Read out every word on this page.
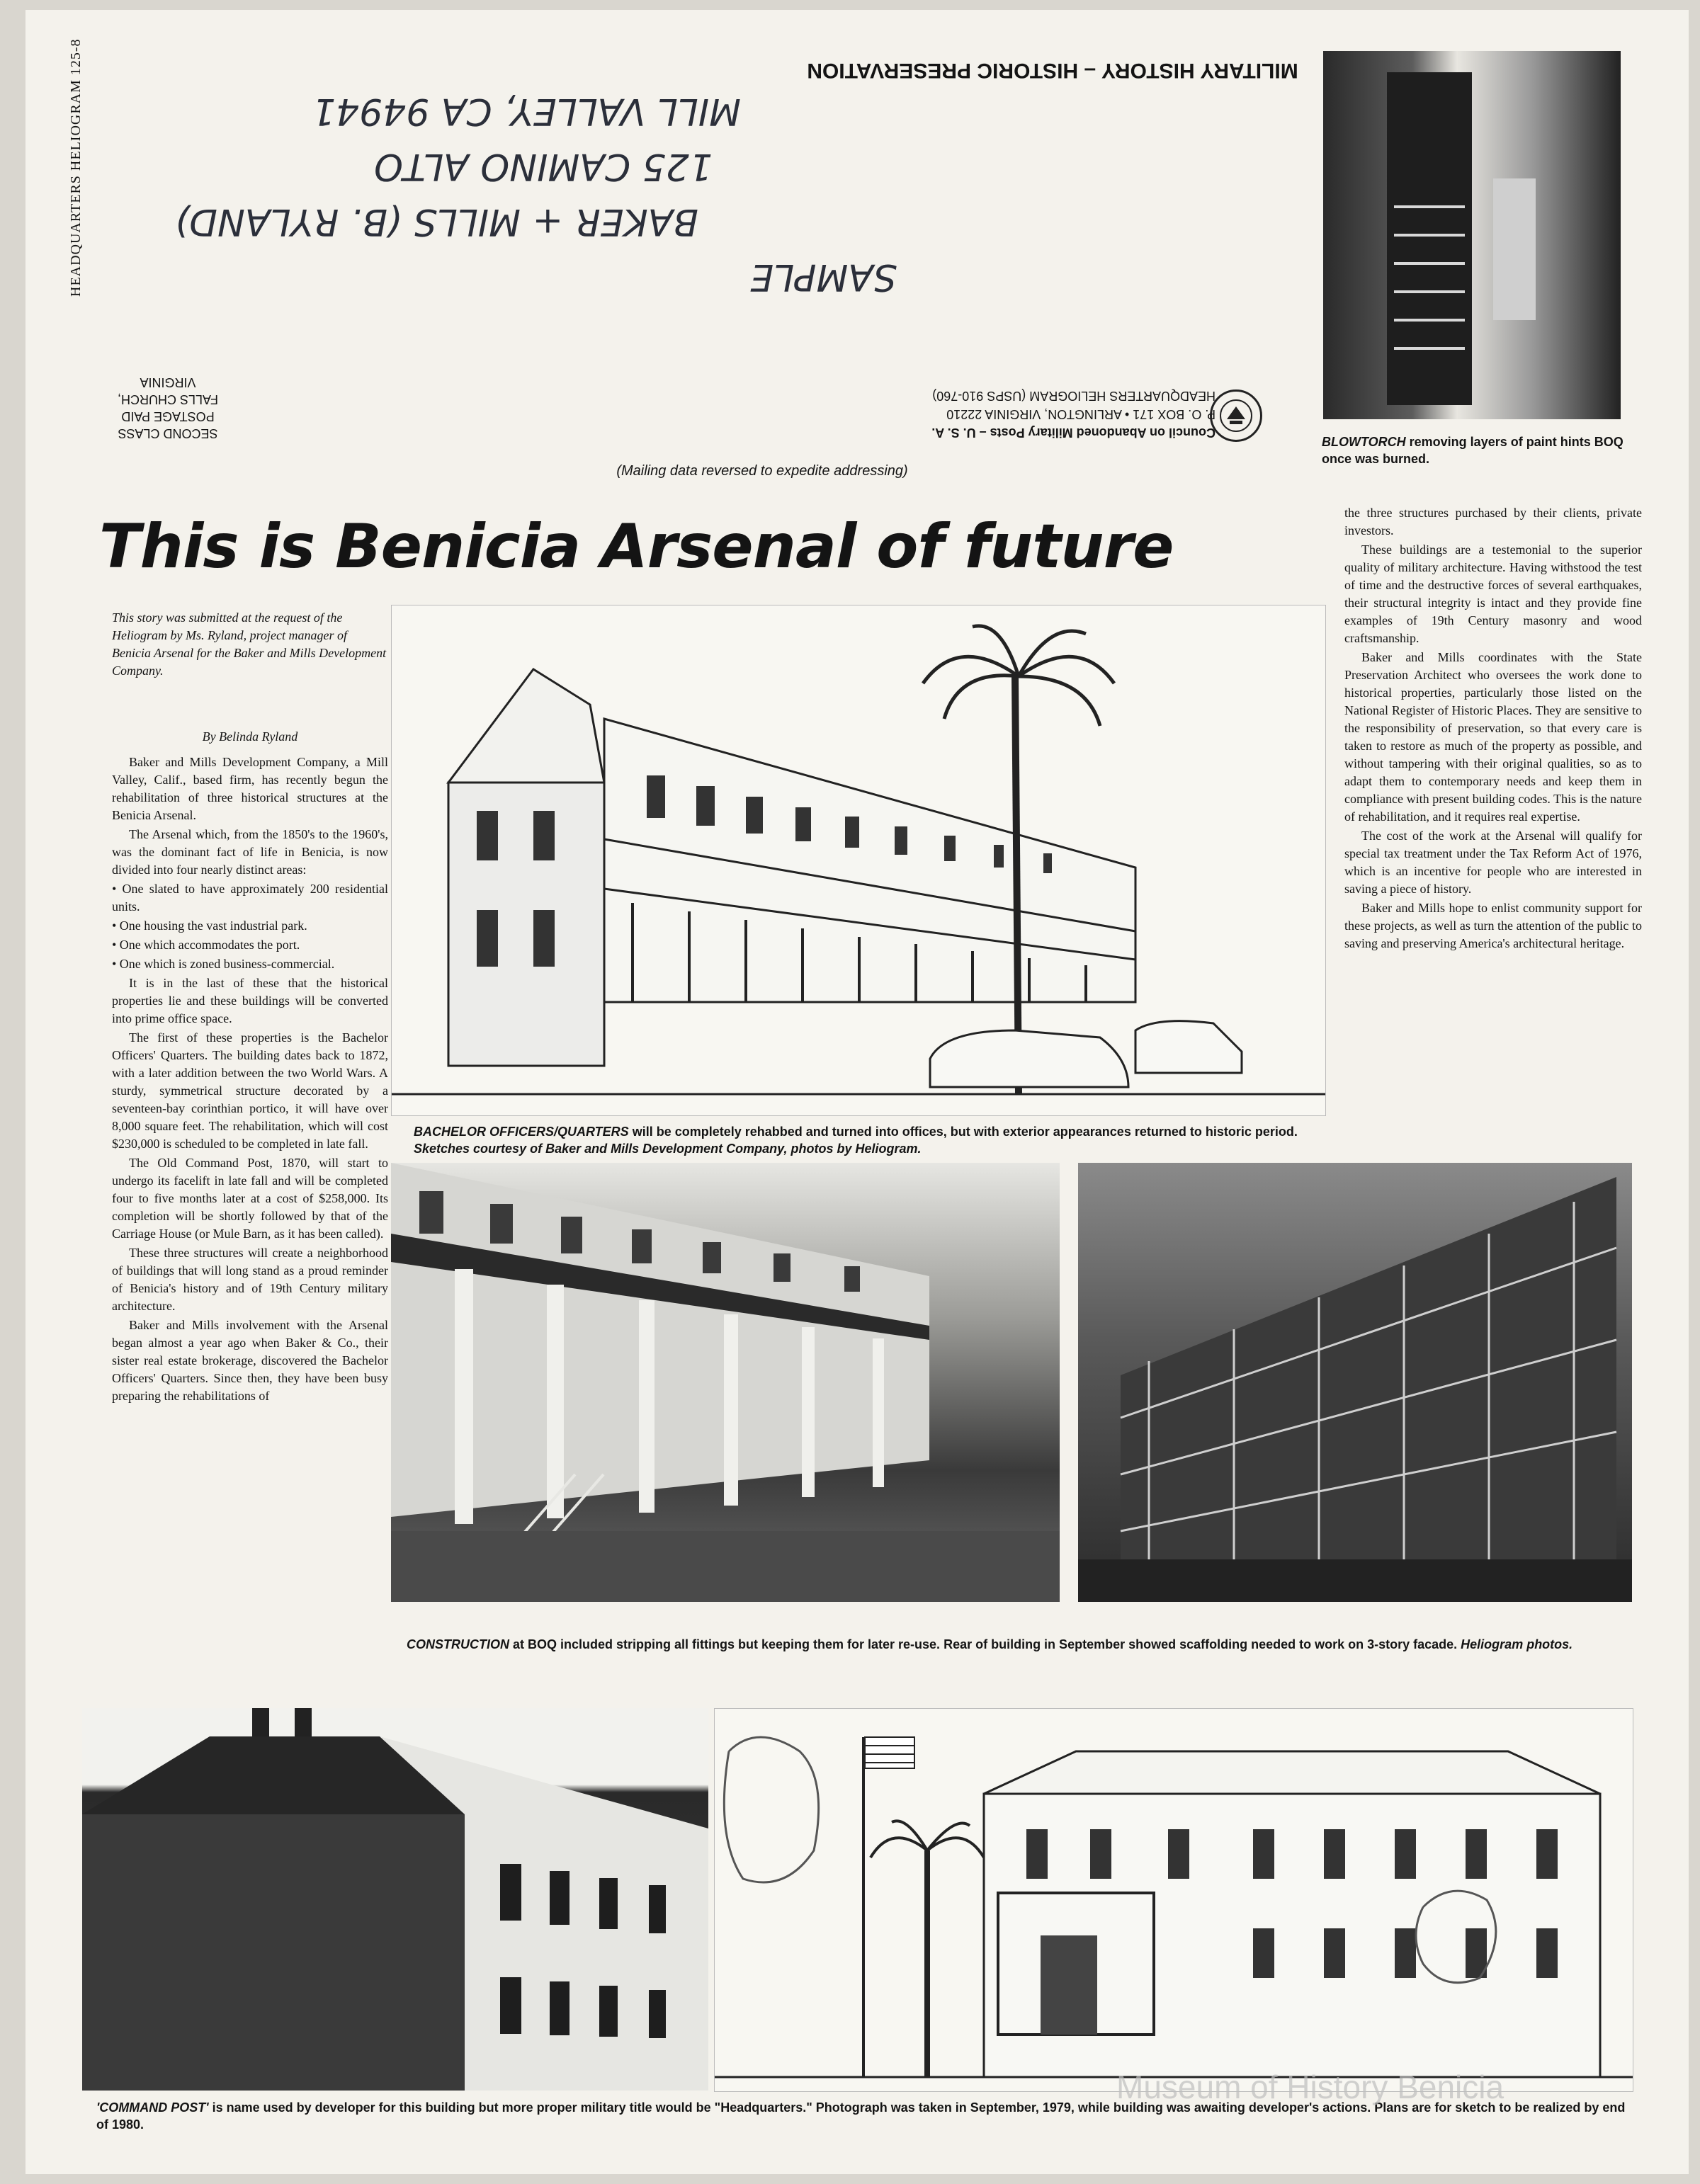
HEADQUARTERS HELIOGRAM 125-8	MILITARY HISTORY – HISTORIC PRESERVATION
SAMPLE
BAKER + MILLS (B. RYLAND)
125 CAMINO ALTO
MILL VALLEY, CA 94941
Council on Abandoned Military Posts – U. S. A.
P. O. BOX 171 • ARLINGTON, VIRGINIA 22210
HEADQUARTERS HELIOGRAM (USPS 910-760)
SECOND CLASS
POSTAGE PAID
FALLS CHURCH,
VIRGINIA
(Mailing data reversed to expedite addressing)
BLOWTORCH removing layers of paint hints BOQ once was burned.
This is Benicia Arsenal of future
This story was submitted at the request of the Heliogram by Ms. Ryland, project manager of Benicia Arsenal for the Baker and Mills Development Company.
By Belinda Ryland

Baker and Mills Development Company, a Mill Valley, Calif., based firm, has recently begun the rehabilitation of three historical structures at the Benicia Arsenal.

The Arsenal which, from the 1850's to the 1960's, was the dominant fact of life in Benicia, is now divided into four nearly distinct areas:

• One slated to have approximately 200 residential units.

• One housing the vast industrial park.

• One which accommodates the port.

• One which is zoned business-commercial.

It is in the last of these that the historical properties lie and these buildings will be converted into prime office space.

The first of these properties is the Bachelor Officers' Quarters. The building dates back to 1872, with a later addition between the two World Wars. A sturdy, symmetrical structure decorated by a seventeen-bay corinthian portico, it will have over 8,000 square feet. The rehabilitation, which will cost $230,000 is scheduled to be completed in late fall.

The Old Command Post, 1870, will start to undergo its facelift in late fall and will be completed four to five months later at a cost of $258,000. Its completion will be shortly followed by that of the Carriage House (or Mule Barn, as it has been called).

These three structures will create a neighborhood of buildings that will long stand as a proud reminder of Benicia's history and of 19th Century military architecture.

Baker and Mills involvement with the Arsenal began almost a year ago when Baker & Co., their sister real estate brokerage, discovered the Bachelor Officers' Quarters. Since then, they have been busy preparing the rehabilitations of

BACHELOR OFFICERS/QUARTERS will be completely rehabbed and turned into offices, but with exterior appearances returned to historic period. Sketches courtesy of Baker and Mills Development Company, photos by Heliogram.

the three structures purchased by their clients, private investors.

These buildings are a testemonial to the superior quality of military architecture. Having withstood the test of time and the destructive forces of several earthquakes, their structural integrity is intact and they provide fine examples of 19th Century masonry and wood craftsmanship.

Baker and Mills coordinates with the State Preservation Architect who oversees the work done to historical properties, particularly those listed on the National Register of Historic Places. They are sensitive to the responsibility of preservation, so that every care is taken to restore as much of the property as possible, and without tampering with their original qualities, so as to adapt them to contemporary needs and keep them in compliance with present building codes. This is the nature of rehabilitation, and it requires real expertise.

The cost of the work at the Arsenal will qualify for special tax treatment under the Tax Reform Act of 1976, which is an incentive for people who are interested in saving a piece of history.

Baker and Mills hope to enlist community support for these projects, as well as turn the attention of the public to saving and preserving America's architectural heritage.

CONSTRUCTION at BOQ included stripping all fittings but keeping them for later re-use. Rear of building in September showed scaffolding needed to work on 3-story facade. Heliogram photos.
'COMMAND POST' is name used by developer for this building but more proper military title would be "Headquarters." Photograph was taken in September, 1979, while building was awaiting developer's actions. Plans are for sketch to be realized by end of 1980.
Museum of History Benicia
